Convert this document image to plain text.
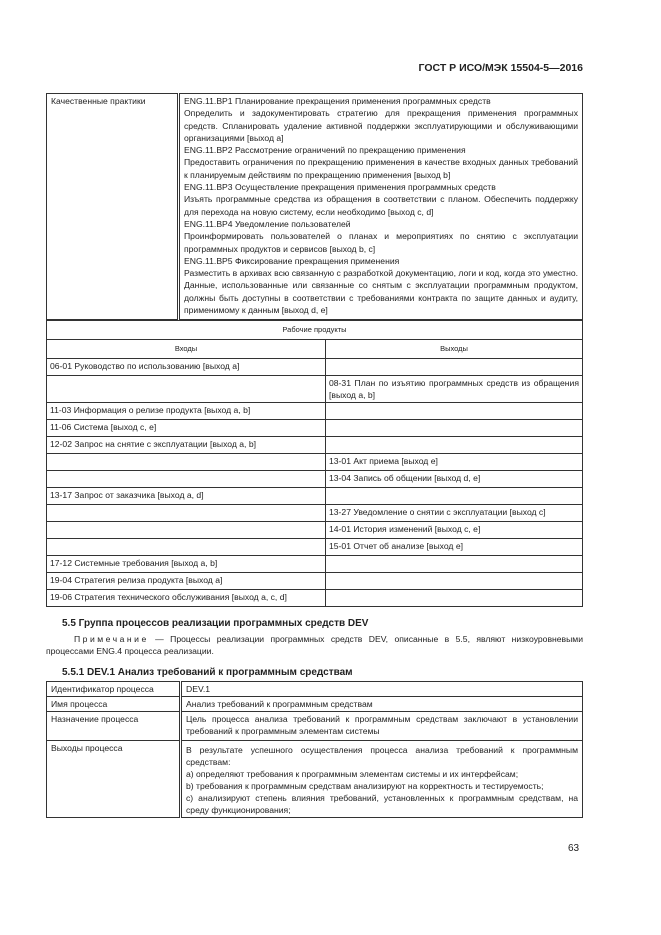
ГОСТ Р ИСО/МЭК 15504-5—2016
Качественные практики	ENG.11.BP1 Планирование прекращения применения программных средств
Определить и задокументировать стратегию для прекращения применения программных средств. Спланировать удаление активной поддержки эксплуатирующими и обслуживающими организациями [выход a]
ENG.11.BP2 Рассмотрение ограничений по прекращению применения
Предоставить ограничения по прекращению применения в качестве входных данных требований к планируемым действиям по прекращению применения [выход b]
ENG.11.BP3 Осуществление прекращения применения программных средств
Изъять программные средства из обращения в соответствии с планом. Обеспечить поддержку для перехода на новую систему, если необходимо [выход c, d]
ENG.11.BP4 Уведомление пользователей
Проинформировать пользователей о планах и мероприятиях по снятию с эксплуатации программных продуктов и сервисов [выход b, c]
ENG.11.BP5 Фиксирование прекращения применения
Разместить в архивах всю связанную с разработкой документацию, логи и код, когда это уместно. Данные, использованные или связанные со снятым с эксплуатации программным продуктом, должны быть доступны в соответствии с требованиями контракта по защите данных и аудиту, применимому к данным [выход d, e]
Рабочие продукты	
Входы	Выходы
06-01 Руководство по использованию [выход a]	
	08-31 План по изъятию программных средств из обращения [выход a, b]
11-03 Информация о релизе продукта [выход a, b]	
11-06 Система [выход c, e]	
12-02 Запрос на снятие с эксплуатации [выход a, b]	
	13-01 Акт приема [выход e]
	13-04 Запись об общении [выход d, e]
13-17 Запрос от заказчика [выход a, d]	
	13-27 Уведомление о снятии с эксплуатации [выход c]
	14-01 История изменений [выход c, e]
	15-01 Отчет об анализе [выход e]
17-12 Системные требования [выход a, b]	
19-04 Стратегия релиза продукта [выход a]	
19-06 Стратегия технического обслуживания [выход a, c, d]	
5.5 Группа процессов реализации программных средств DEV
Примечание — Процессы реализации программных средств DEV, описанные в 5.5, являют низкоуровневыми процессами ENG.4 процесса реализации.
5.5.1 DEV.1 Анализ требований к программным средствам
Идентификатор процесса	DEV.1
Имя процесса	Анализ требований к программным средствам
Назначение процесса	Цель процесса анализа требований к программным средствам заключают в установлении требований к программным элементам системы
Выходы процесса	В результате успешного осуществления процесса анализа требований к программным средствам:
a) определяют требования к программным элементам системы и их интерфейсам;
b) требования к программным средствам анализируют на корректность и тестируемость;
c) анализируют степень влияния требований, установленных к программным средствам, на среду функционирования;
63
